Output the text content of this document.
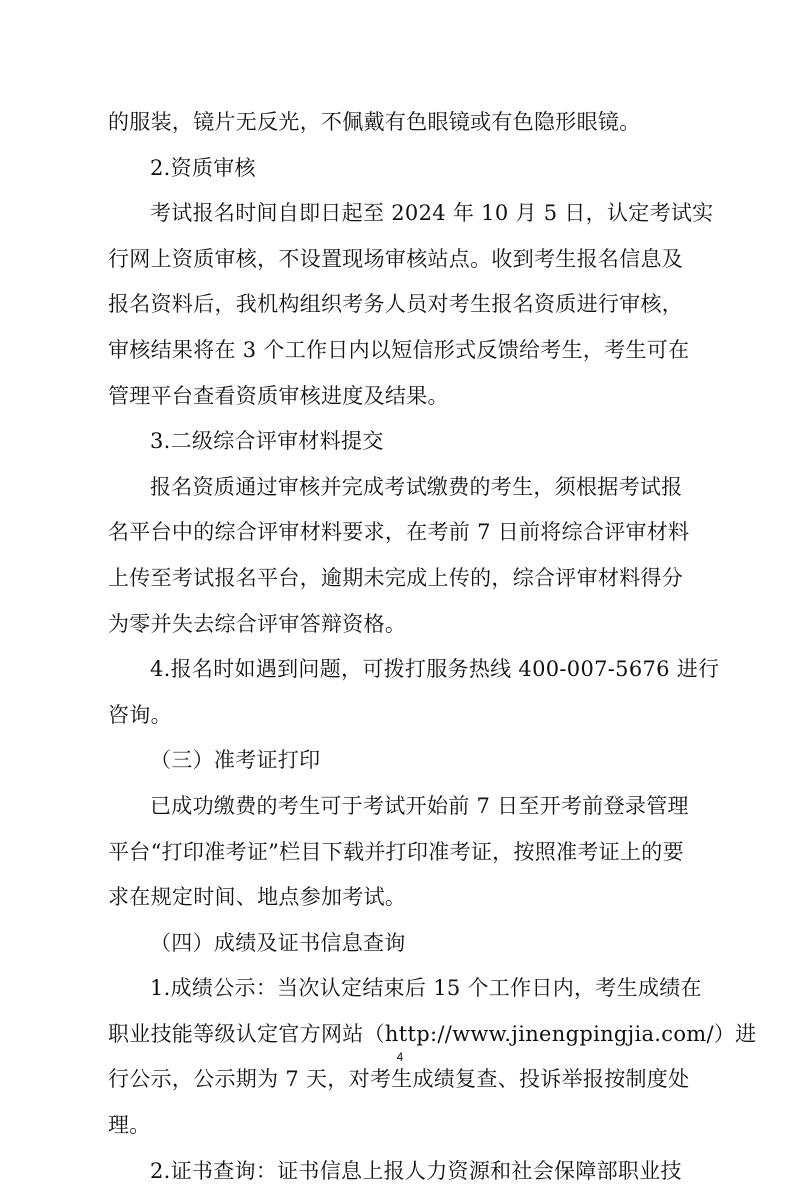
的服装，镜片无反光，不佩戴有色眼镜或有色隐形眼镜。
2.资质审核
考试报名时间自即日起至 2024 年 10 月 5 日，认定考试实
行网上资质审核，不设置现场审核站点。收到考生报名信息及
报名资料后，我机构组织考务人员对考生报名资质进行审核，
审核结果将在 3 个工作日内以短信形式反馈给考生，考生可在
管理平台查看资质审核进度及结果。
3.二级综合评审材料提交
报名资质通过审核并完成考试缴费的考生，须根据考试报
名平台中的综合评审材料要求，在考前 7 日前将综合评审材料
上传至考试报名平台，逾期未完成上传的，综合评审材料得分
为零并失去综合评审答辩资格。
4.报名时如遇到问题，可拨打服务热线 400-007-5676 进行
咨询。
（三）准考证打印
已成功缴费的考生可于考试开始前 7 日至开考前登录管理
平台“打印准考证”栏目下载并打印准考证，按照准考证上的要
求在规定时间、地点参加考试。
（四）成绩及证书信息查询
1.成绩公示：当次认定结束后 15 个工作日内，考生成绩在
职业技能等级认定官方网站（http://www.jinengpingjia.com/）进
行公示，公示期为 7 天，对考生成绩复查、投诉举报按制度处
理。
2.证书查询：证书信息上报人力资源和社会保障部职业技
4
